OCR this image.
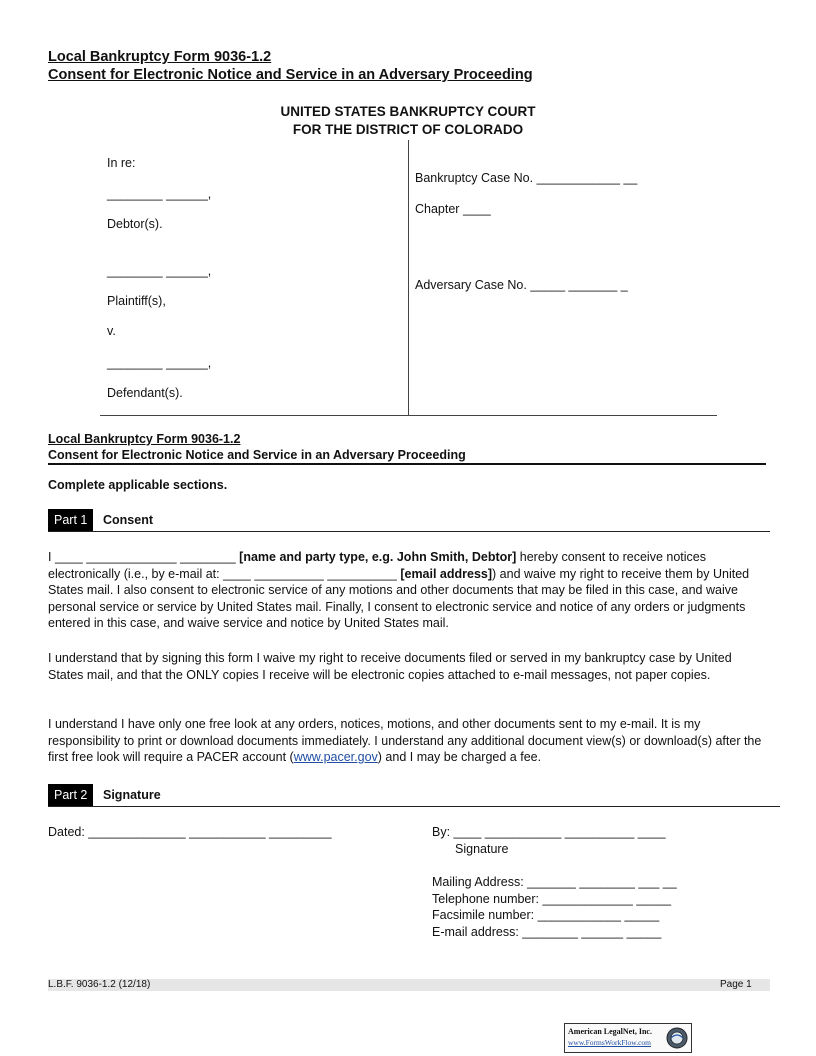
Local Bankruptcy Form 9036-1.2
Consent for Electronic Notice and Service in an Adversary Proceeding
UNITED STATES BANKRUPTCY COURT
FOR THE DISTRICT OF COLORADO
In re:
________ ______,
Debtor(s).
________ ______,
Plaintiff(s),
v.
________ ______,
Defendant(s).
Bankruptcy Case No. ____________ __
Chapter ____
Adversary Case No. _____ _______ _
Local Bankruptcy Form 9036-1.2
Consent for Electronic Notice and Service in an Adversary Proceeding
Complete applicable sections.
Part 1	Consent

I ____ _____________ ________ [name and party type, e.g. John Smith, Debtor] hereby consent to receive notices electronically (i.e., by e-mail at: ____ __________ __________ [email address]) and waive my right to receive them by United States mail. I also consent to electronic service of any motions and other documents that may be filed in this case, and waive personal service or service by United States mail. Finally, I consent to electronic service and notice of any orders or judgments entered in this case, and waive service and notice by United States mail.

I understand that by signing this form I waive my right to receive documents filed or served in my bankruptcy case by United States mail, and that the ONLY copies I receive will be electronic copies attached to e-mail messages, not paper copies.

I understand I have only one free look at any orders, notices, motions, and other documents sent to my e-mail. It is my responsibility to print or download documents immediately. I understand any additional document view(s) or download(s) after the first free look will require a PACER account (www.pacer.gov) and I may be charged a fee.

Part 2	Signature
Dated: ______________ ___________ _________	By: ____ ___________ __________ ____
Signature
Mailing Address: _______ ________ ___ __
Telephone number: _____________ _____
Facsimile number: ____________ _____
E-mail address: ________ ______ _____
L.B.F. 9036-1.2 (12/18)	Page 1
American LegalNet, Inc.
www.FormsWorkFlow.com
